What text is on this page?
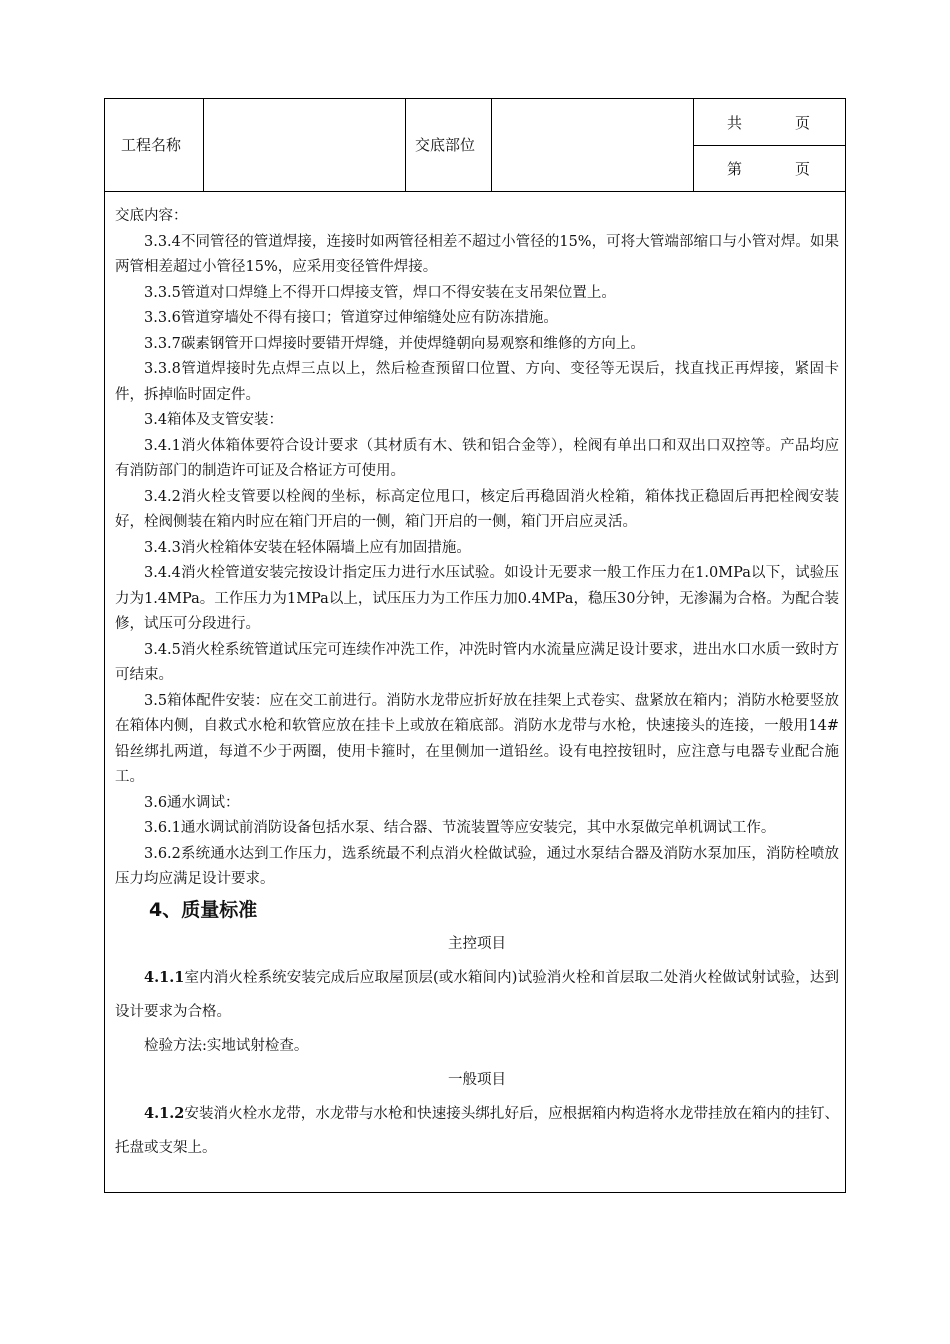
工程名称	交底部位
共	页
第	页

交底内容：

3.3.4不同管径的管道焊接，连接时如两管径相差不超过小管径的15%，可将大管端部缩口与小管对焊。如果两管相差超过小管径15%，应采用变径管件焊接。

3.3.5管道对口焊缝上不得开口焊接支管，焊口不得安装在支吊架位置上。

3.3.6管道穿墙处不得有接口；管道穿过伸缩缝处应有防冻措施。

3.3.7碳素钢管开口焊接时要错开焊缝，并使焊缝朝向易观察和维修的方向上。

3.3.8管道焊接时先点焊三点以上，然后检查预留口位置、方向、变径等无误后，找直找正再焊接，紧固卡件，拆掉临时固定件。

3.4箱体及支管安装：

3.4.1消火体箱体要符合设计要求（其材质有木、铁和铝合金等），栓阀有单出口和双出口双控等。产品均应有消防部门的制造许可证及合格证方可使用。

3.4.2消火栓支管要以栓阀的坐标，标高定位甩口，核定后再稳固消火栓箱，箱体找正稳固后再把栓阀安装好，栓阀侧装在箱内时应在箱门开启的一侧，箱门开启的一侧，箱门开启应灵活。

3.4.3消火栓箱体安装在轻体隔墙上应有加固措施。

3.4.4消火栓管道安装完按设计指定压力进行水压试验。如设计无要求一般工作压力在1.0MPa以下，试验压力为1.4MPa。工作压力为1MPa以上，试压压力为工作压力加0.4MPa，稳压30分钟，无渗漏为合格。为配合装修，试压可分段进行。

3.4.5消火栓系统管道试压完可连续作冲洗工作，冲洗时管内水流量应满足设计要求，进出水口水质一致时方可结束。

3.5箱体配件安装：应在交工前进行。消防水龙带应折好放在挂架上式卷实、盘紧放在箱内；消防水枪要竖放在箱体内侧，自救式水枪和软管应放在挂卡上或放在箱底部。消防水龙带与水枪，快速接头的连接，一般用14#铅丝绑扎两道，每道不少于两圈，使用卡箍时，在里侧加一道铅丝。设有电控按钮时，应注意与电器专业配合施工。

3.6通水调试：

3.6.1通水调试前消防设备包括水泵、结合器、节流装置等应安装完，其中水泵做完单机调试工作。

3.6.2系统通水达到工作压力，选系统最不利点消火栓做试验，通过水泵结合器及消防水泵加压，消防栓喷放压力均应满足设计要求。

4、质量标准

主控项目

4.1.1室内消火栓系统安装完成后应取屋顶层(或水箱间内)试验消火栓和首层取二处消火栓做试射试验，达到设计要求为合格。

检验方法:实地试射检查。

一般项目

4.1.2安装消火栓水龙带，水龙带与水枪和快速接头绑扎好后，应根据箱内构造将水龙带挂放在箱内的挂钉、托盘或支架上。
